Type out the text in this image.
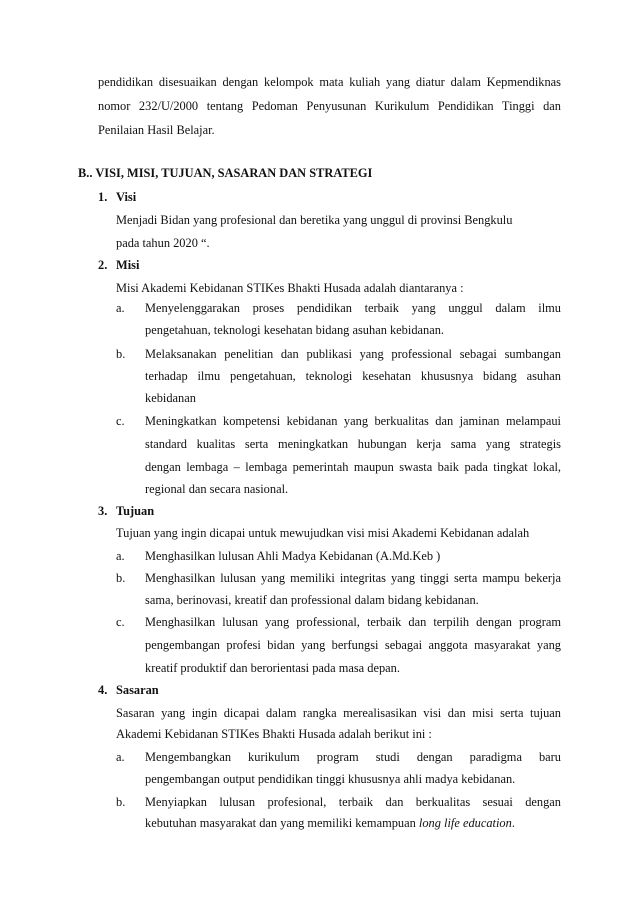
pendidikan disesuaikan dengan kelompok mata kuliah yang diatur dalam Kepmendiknas
nomor 232/U/2000 tentang Pedoman Penyusunan Kurikulum Pendidikan Tinggi dan
Penilaian Hasil Belajar.
B.. VISI, MISI, TUJUAN, SASARAN DAN STRATEGI
1. Visi
Menjadi Bidan yang profesional dan beretika yang unggul di provinsi Bengkulu
pada tahun 2020 “.
2. Misi
Misi Akademi Kebidanan STIKes Bhakti Husada adalah diantaranya :
a. Menyelenggarakan proses pendidikan terbaik yang unggul dalam ilmu
pengetahuan, teknologi kesehatan bidang asuhan kebidanan.
b. Melaksanakan penelitian dan publikasi yang professional sebagai sumbangan
terhadap ilmu pengetahuan, teknologi kesehatan khususnya bidang asuhan
kebidanan
c. Meningkatkan kompetensi kebidanan yang berkualitas dan jaminan melampaui
standard kualitas serta meningkatkan hubungan kerja sama yang strategis
dengan lembaga – lembaga pemerintah maupun swasta baik pada tingkat lokal,
regional dan secara nasional.
3. Tujuan
Tujuan yang ingin dicapai untuk mewujudkan visi misi Akademi Kebidanan adalah
a. Menghasilkan lulusan Ahli Madya Kebidanan (A.Md.Keb )
b. Menghasilkan lulusan yang memiliki integritas yang tinggi serta mampu bekerja
sama, berinovasi, kreatif dan professional dalam bidang kebidanan.
c. Menghasilkan lulusan yang professional, terbaik dan terpilih dengan program
pengembangan profesi bidan yang berfungsi sebagai anggota masyarakat yang
kreatif produktif dan berorientasi pada masa depan.
4. Sasaran
Sasaran yang ingin dicapai dalam rangka merealisasikan visi dan misi serta tujuan
Akademi Kebidanan STIKes Bhakti Husada adalah berikut ini :
a. Mengembangkan kurikulum program studi dengan paradigma baru
pengembangan output pendidikan tinggi khususnya ahli madya kebidanan.
b. Menyiapkan lulusan profesional, terbaik dan berkualitas sesuai dengan
kebutuhan masyarakat dan yang memiliki kemampuan long life education.
